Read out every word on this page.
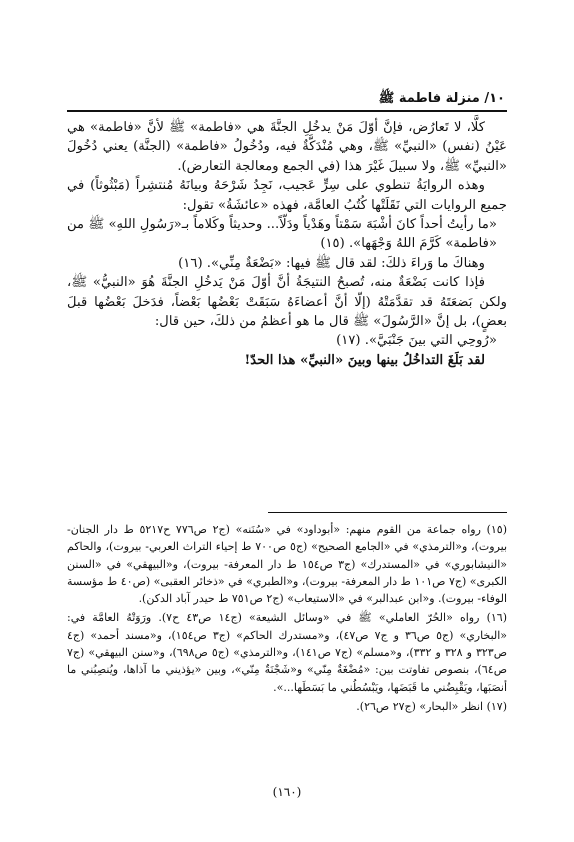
١٠/ منزلة فاطمة ﷺ

كلَّا، لا تَعارُض، فإنَّ أوّلَ مَنْ يدخُلِ الجنَّةَ هي «فاطمة» ﷺ لأنَّ «فاطمة» هي عَيْنُ (نفس) «النبيِّ» ﷺ، وهي مُنْدَكَّةٌ فيه، ودُخُولُ «فاطمة» (الجنَّة) يعني دُخُولَ «النبيِّ» ﷺ، ولا سبيلَ غَيْرَ هذا (في الجمع ومعالجة التعارض).

وهذه الروايَةُ تنطوي على سِرٍّ عَجيب، نَجِدُ شَرْحَهُ وبيانَهُ مُنتشِراً (مَبْثُوثاً) في جميع الروايات التي نَقَلَتْها كُتُبُ العامَّة، فهذه «عائشَةُ» تقول:

«ما رأيتُ أحداً كانَ أشْبَهَ سَمْتاً وهَدْياً ودَلّاً... وحديثاً وكَلاماً بـ«رَسُولِ اللهِ» ﷺ من «فاطمة» كَرَّمَ اللهُ وَجْهَها». (١٥)

وهناكَ ما وَراءَ ذلكَ: لقد قال ﷺ فيها: «بَضْعَةٌ مِنِّي». (١٦)

فإذا كانت بَضْعَةٌ منه، تُصبحُ النتيجَةُ أنَّ أوّلَ مَنْ يَدخُلِ الجنَّةَ هُوَ «النبيُّ» ﷺ، ولكن بَضعَتَهُ قد تقدَّمَتْهُ (إلّا أنَّ أعضاءَهُ سَبَقَتْ بَعْضُها بَعْضاً، فدَخلَ بَعْضُها قبلَ بعضٍ)، بل إنَّ «الرَّسُولَ» ﷺ قال ما هو أعظمُ من ذلكَ، حين قال:

«رُوحِي التي بينَ جَنْبَيَّ». (١٧)

لقد بَلَغَ التداخُلُ بينها وبينَ «النبيِّ» هذا الحدّ!

(١٥) رواه جماعة من القوم منهم: «أبوداود» في «سُنَنه» (ج٢ ص٧٧٦ ح٥٢١٧ ط دار الجنان- بيروت)، و«الترمذي» في «الجامع الصحيح» (ج٥ ص٧٠٠ ط إحياء التراث العربي- بيروت)، والحاكم «النيشابوري» في «المستدرك» (ج٣ ص١٥٤ ط دار المعرفة- بيروت)، و«البيهقي» في «السنن الكبرى» (ج٧ ص١٠١ ط دار المعرفة- بيروت)، و«الطبري» في «ذخائر العقبى» (ص٤٠ ط مؤسسة الوفاء- بيروت). و«ابن عبدالبر» في «الاستيعاب» (ج٢ ص٧٥١ ط حيدر آباد الدكن).

(١٦) رواه «الحُرّ العاملي» ﷺ في «وسائل الشيعة» (ج١٤ ص٤٣ ح٧). ورَوَتْهُ العامَّة في: «البخاري» (ج٥ ص٣٦ و ج٧ ص٤٧)، و«مستدرك الحاكم» (ج٣ ص١٥٤)، و«مسند أحمد» (ج٤ ص٣٢٣ و ٣٢٨ و ٣٣٢)، و«مسلم» (ج٧ ص١٤١)، و«الترمذي» (ج٥ ص٦٩٨)، و«سنن البيهقي» (ج٧ ص٦٤)، بنصوص تفاوتت بين: «مُضْغَةٌ مِنّي» و«شَجْنَةٌ مِنّي»، وبين «يؤذيني ما آذاها، ويُنصِبُني ما أنصَبَها، ويَقْبِضُني ما قَبَضَها، ويَبْسُطُني ما بَسَطَها...».

(١٧) انظر «البحار» (ج٢٧ ص٢٦).

(١٦٠)
